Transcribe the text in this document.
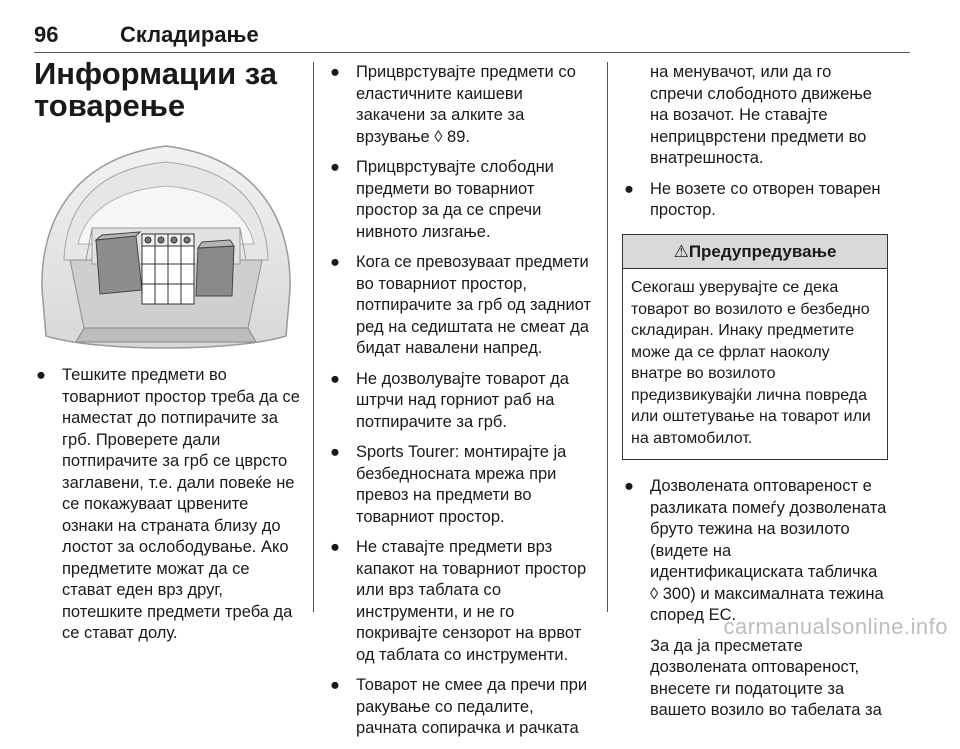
96	Складирање
Информации за товарење
● Тешките предмети во товарниот простор треба да се наместат до потпирачите за грб. Проверете дали потпирачите за грб се цврсто заглавени, т.е. дали повеќе не се покажуваат црвените ознаки на страната близу до лостот за ослободување. Ако предметите можат да се стават еден врз друг, потешките предмети треба да се стават долу.
● Прицврстувајте предмети со еластичните каишеви закачени за алките за врзување ◊ 89.
● Прицврстувајте слободни предмети во товарниот простор за да се спречи нивното лизгање.
● Кога се превозуваат предмети во товарниот простор, потпирачите за грб од задниот ред на седиштата не смеат да бидат навалени напред.
● Не дозволувајте товарот да штрчи над горниот раб на потпирачите за грб.
● Sports Tourer: монтирајте ја безбедносната мрежа при превоз на предмети во товарниот простор.
● Не ставајте предмети врз капакот на товарниот простор или врз таблата со инструменти, и не го покривајте сензорот на врвот од таблата со инструменти.
● Товарот не смее да пречи при ракување со педалите, рачната сопирачка и рачката
на менувачот, или да го спречи слободното движење на возачот. Не ставајте неприцврстени предмети во внатрешноста.
● Не возете со отворен товарен простор.
⚠Предупредување
Секогаш уверувајте се дека товарот во возилото е безбедно складиран. Инаку предметите може да се фрлат наоколу внатре во возилото предизвикувајќи лична повреда или оштетување на товарот или на автомобилот.
● Дозволената оптовареност е разликата помеѓу дозволената бруто тежина на возилото (видете на идентификациската табличка ◊ 300) и максималната тежина според ЕС.

За да ја пресметате дозволената оптовареност, внесете ги податоците за вашето возило во табелата за

carmanualsonline.info
